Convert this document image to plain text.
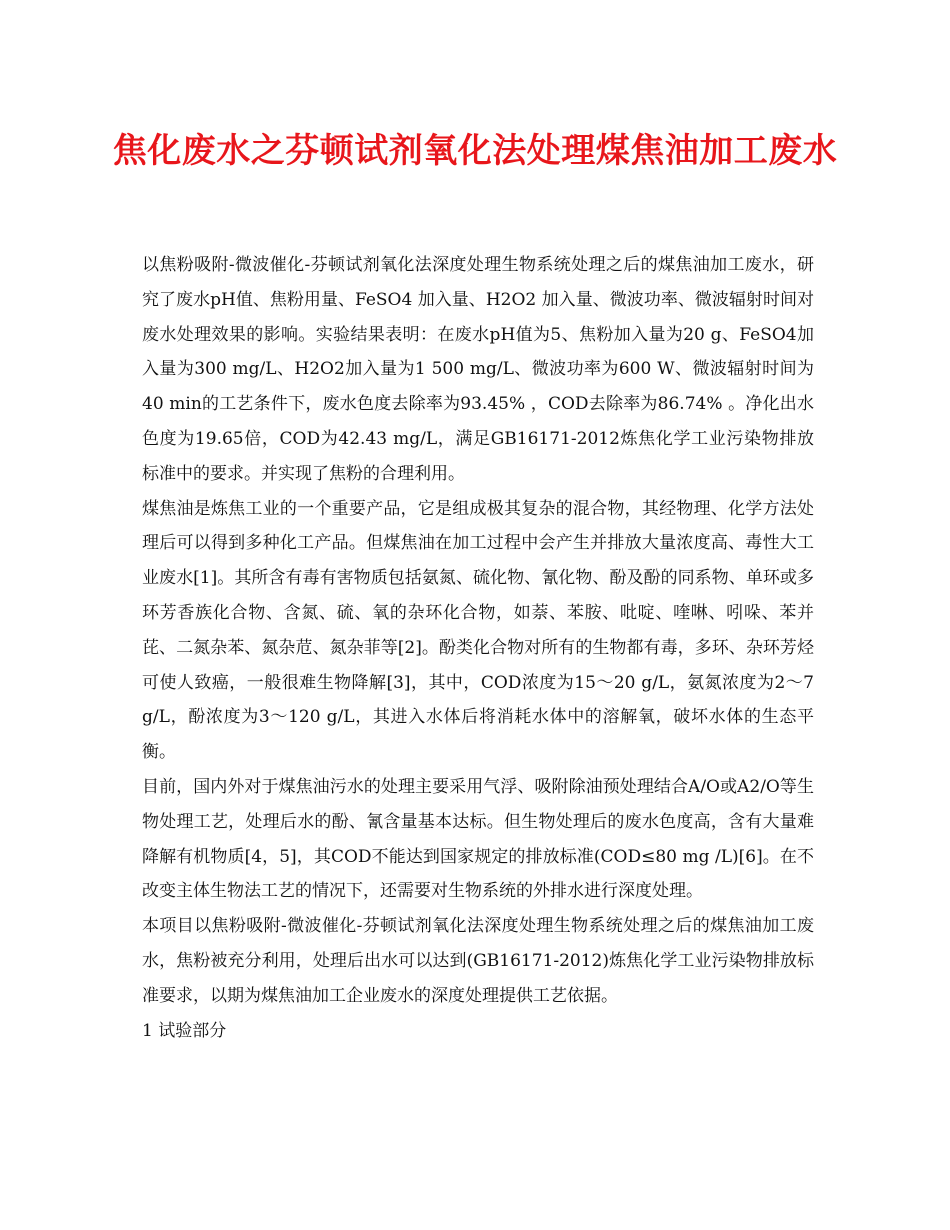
焦化废水之芬顿试剂氧化法处理煤焦油加工废水

以焦粉吸附-微波催化-芬顿试剂氧化法深度处理生物系统处理之后的煤焦油加工废水，研究了废水pH值、焦粉用量、FeSO4 加入量、H2O2 加入量、微波功率、微波辐射时间对废水处理效果的影响。实验结果表明：在废水pH值为5、焦粉加入量为20 g、FeSO4加入量为300 mg/L、H2O2加入量为1 500 mg/L、微波功率为600 W、微波辐射时间为40 min的工艺条件下，废水色度去除率为93.45% ，COD去除率为86.74% 。净化出水色度为19.65倍，COD为42.43 mg/L，满足GB16171-2012炼焦化学工业污染物排放标准中的要求。并实现了焦粉的合理利用。

煤焦油是炼焦工业的一个重要产品，它是组成极其复杂的混合物，其经物理、化学方法处理后可以得到多种化工产品。但煤焦油在加工过程中会产生并排放大量浓度高、毒性大工业废水[1]。其所含有毒有害物质包括氨氮、硫化物、氰化物、酚及酚的同系物、单环或多环芳香族化合物、含氮、硫、氧的杂环化合物，如萘、苯胺、吡啶、喹啉、吲哚、苯并芘、二氮杂苯、氮杂苊、氮杂菲等[2]。酚类化合物对所有的生物都有毒，多环、杂环芳烃可使人致癌，一般很难生物降解[3]，其中，COD浓度为15～20 g/L，氨氮浓度为2～7 g/L，酚浓度为3～120 g/L，其进入水体后将消耗水体中的溶解氧，破坏水体的生态平衡。

目前，国内外对于煤焦油污水的处理主要采用气浮、吸附除油预处理结合A/O或A2/O等生物处理工艺，处理后水的酚、氰含量基本达标。但生物处理后的废水色度高，含有大量难降解有机物质[4，5]，其COD不能达到国家规定的排放标准(COD≤80 mg /L)[6]。在不改变主体生物法工艺的情况下，还需要对生物系统的外排水进行深度处理。

本项目以焦粉吸附-微波催化-芬顿试剂氧化法深度处理生物系统处理之后的煤焦油加工废水，焦粉被充分利用，处理后出水可以达到(GB16171-2012)炼焦化学工业污染物排放标准要求，以期为煤焦油加工企业废水的深度处理提供工艺依据。

1 试验部分
